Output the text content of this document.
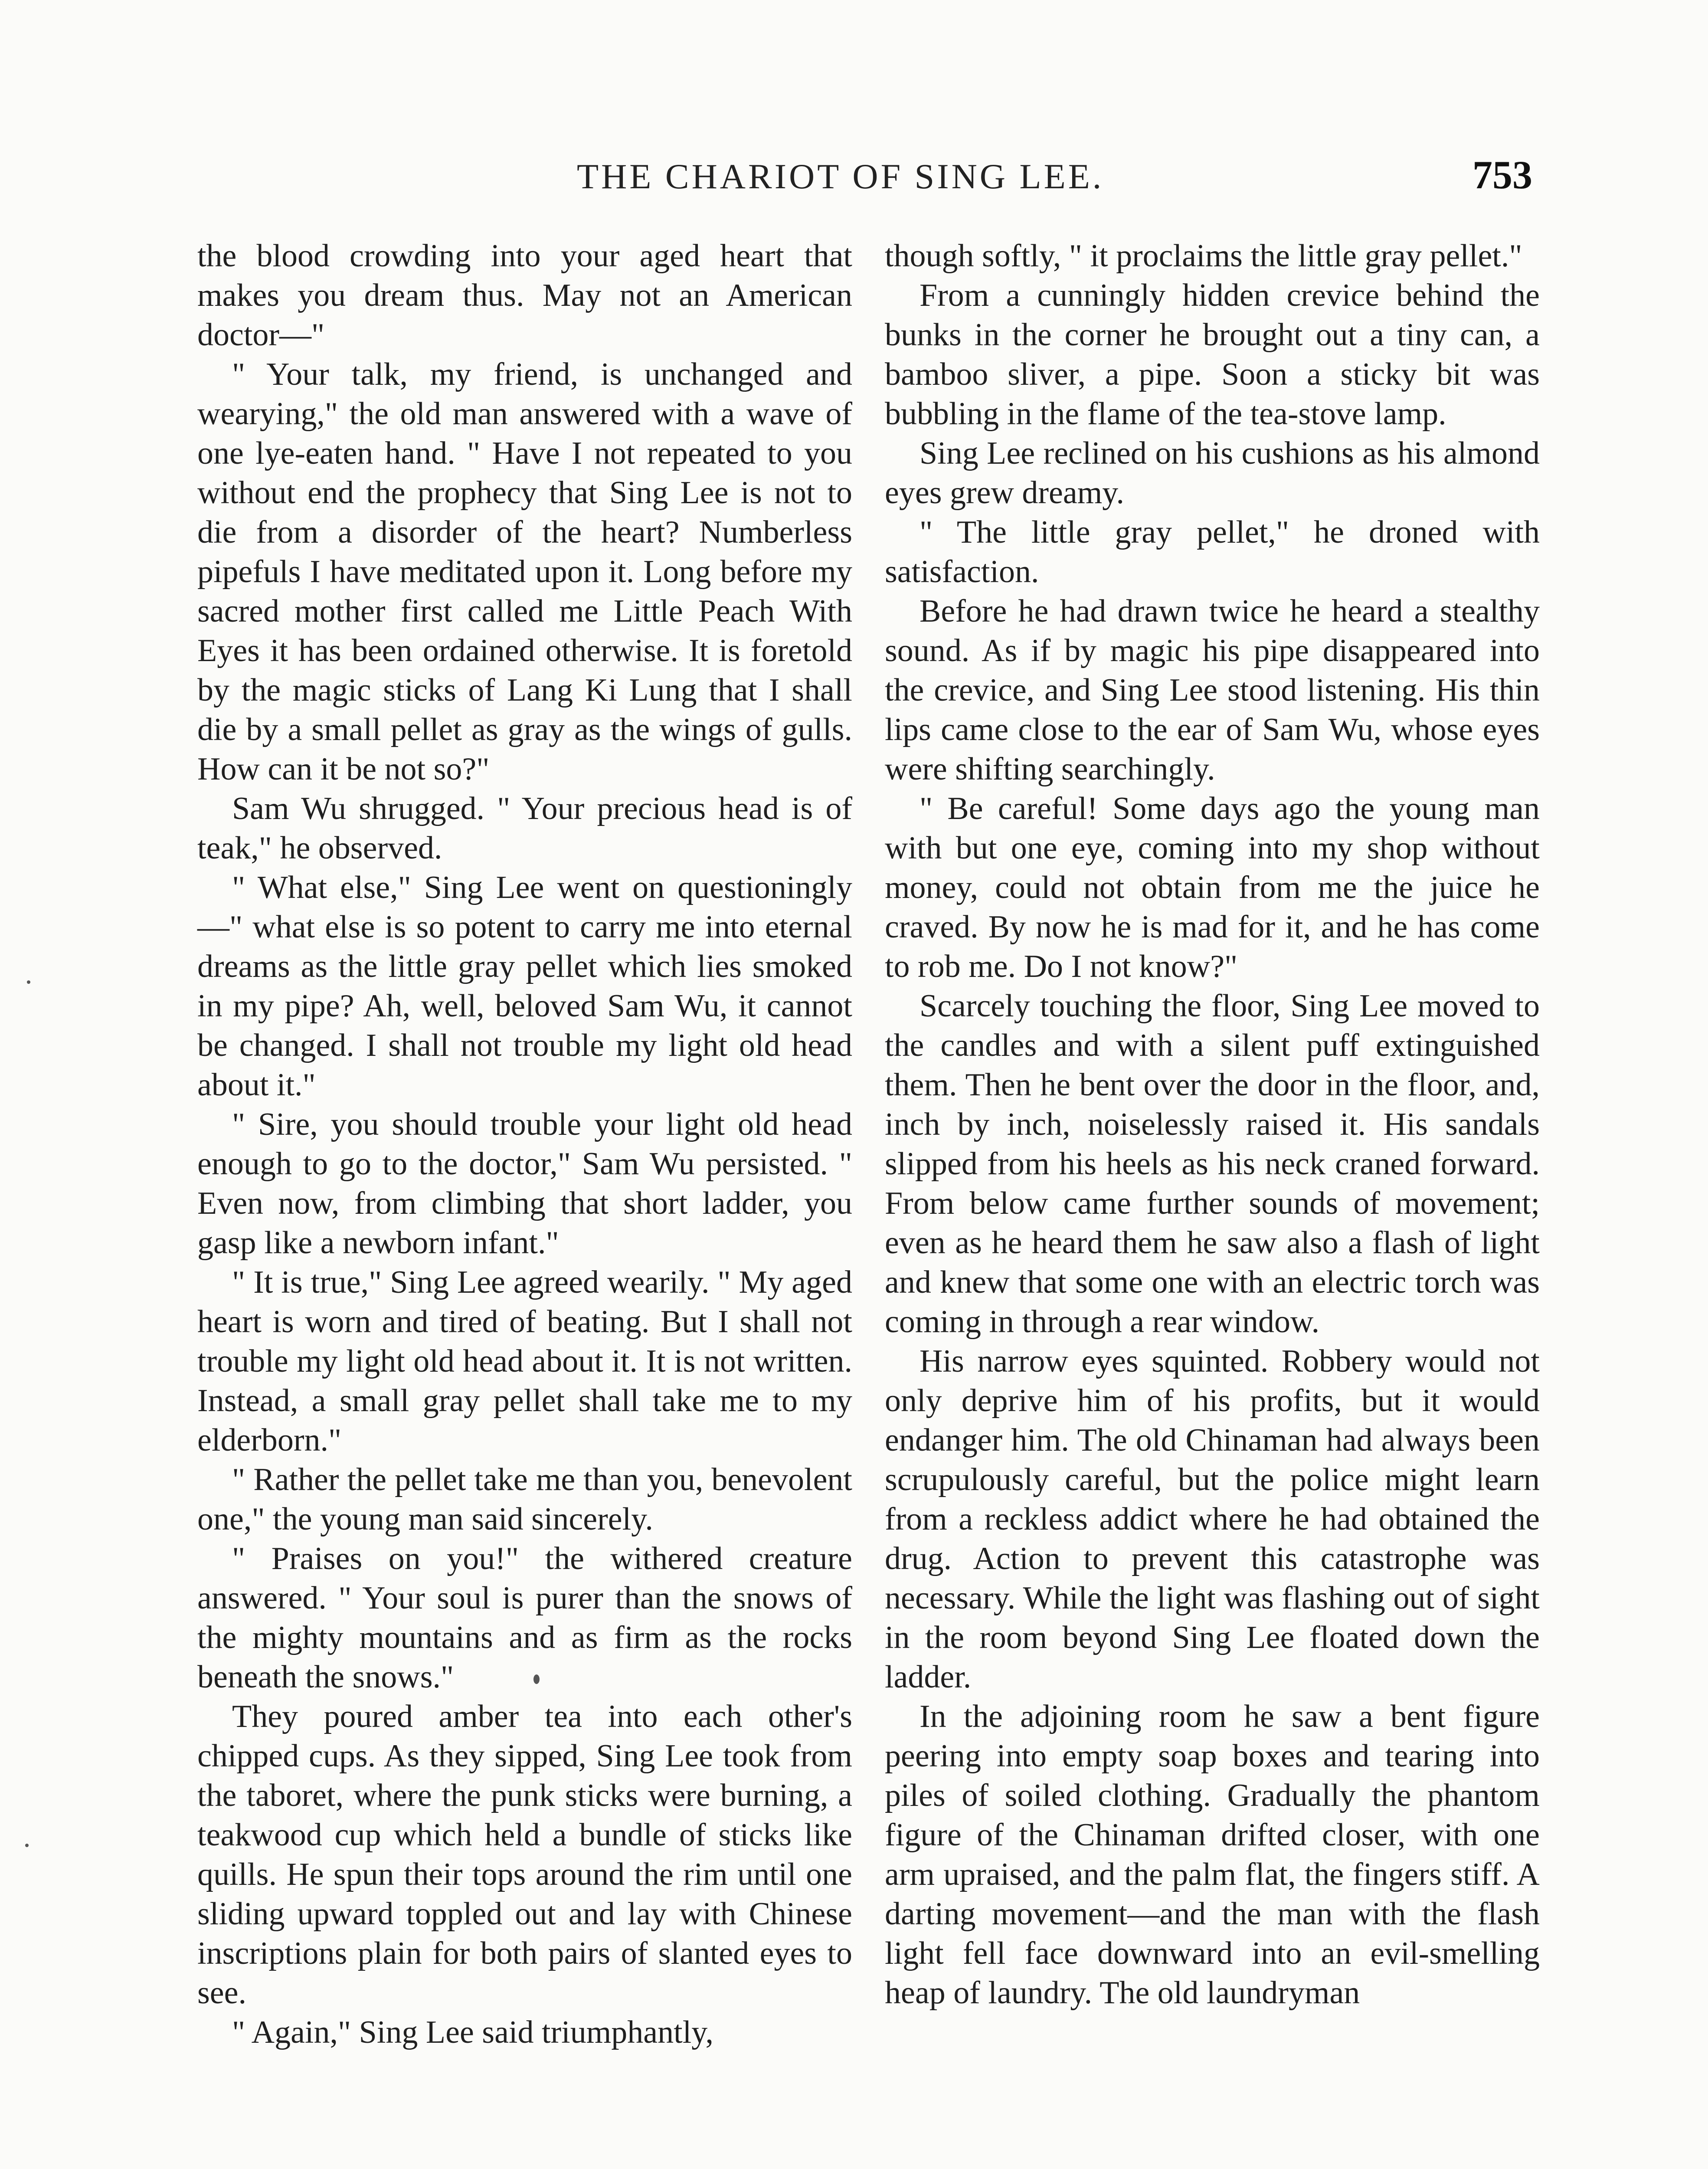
THE CHARIOT OF SING LEE.	753

the blood crowding into your aged heart that makes you dream thus. May not an American doctor—"

" Your talk, my friend, is unchanged and wearying," the old man answered with a wave of one lye-eaten hand. " Have I not repeated to you without end the prophecy that Sing Lee is not to die from a disorder of the heart? Numberless pipefuls I have meditated upon it. Long before my sacred mother first called me Little Peach With Eyes it has been ordained otherwise. It is foretold by the magic sticks of Lang Ki Lung that I shall die by a small pellet as gray as the wings of gulls. How can it be not so?"

Sam Wu shrugged. " Your precious head is of teak," he observed.

" What else," Sing Lee went on questioningly—" what else is so potent to carry me into eternal dreams as the little gray pellet which lies smoked in my pipe? Ah, well, beloved Sam Wu, it cannot be changed. I shall not trouble my light old head about it."

" Sire, you should trouble your light old head enough to go to the doctor," Sam Wu persisted. " Even now, from climbing that short ladder, you gasp like a newborn infant."

" It is true," Sing Lee agreed wearily. " My aged heart is worn and tired of beating. But I shall not trouble my light old head about it. It is not written. Instead, a small gray pellet shall take me to my elderborn."

" Rather the pellet take me than you, benevolent one," the young man said sincerely.

" Praises on you!" the withered creature answered. " Your soul is purer than the snows of the mighty mountains and as firm as the rocks beneath the snows."

They poured amber tea into each other's chipped cups. As they sipped, Sing Lee took from the taboret, where the punk sticks were burning, a teakwood cup which held a bundle of sticks like quills. He spun their tops around the rim until one sliding upward toppled out and lay with Chinese inscriptions plain for both pairs of slanted eyes to see.

" Again," Sing Lee said triumphantly,

though softly, " it proclaims the little gray pellet."

From a cunningly hidden crevice behind the bunks in the corner he brought out a tiny can, a bamboo sliver, a pipe. Soon a sticky bit was bubbling in the flame of the tea-stove lamp.

Sing Lee reclined on his cushions as his almond eyes grew dreamy.

" The little gray pellet," he droned with satisfaction.

Before he had drawn twice he heard a stealthy sound. As if by magic his pipe disappeared into the crevice, and Sing Lee stood listening. His thin lips came close to the ear of Sam Wu, whose eyes were shifting searchingly.

" Be careful! Some days ago the young man with but one eye, coming into my shop without money, could not obtain from me the juice he craved. By now he is mad for it, and he has come to rob me. Do I not know?"

Scarcely touching the floor, Sing Lee moved to the candles and with a silent puff extinguished them. Then he bent over the door in the floor, and, inch by inch, noiselessly raised it. His sandals slipped from his heels as his neck craned forward. From below came further sounds of movement; even as he heard them he saw also a flash of light and knew that some one with an electric torch was coming in through a rear window.

His narrow eyes squinted. Robbery would not only deprive him of his profits, but it would endanger him. The old Chinaman had always been scrupulously careful, but the police might learn from a reckless addict where he had obtained the drug. Action to prevent this catastrophe was necessary. While the light was flashing out of sight in the room beyond Sing Lee floated down the ladder.

In the adjoining room he saw a bent figure peering into empty soap boxes and tearing into piles of soiled clothing. Gradually the phantom figure of the Chinaman drifted closer, with one arm upraised, and the palm flat, the fingers stiff. A darting movement—and the man with the flash light fell face downward into an evil-smelling heap of laundry. The old laundryman
